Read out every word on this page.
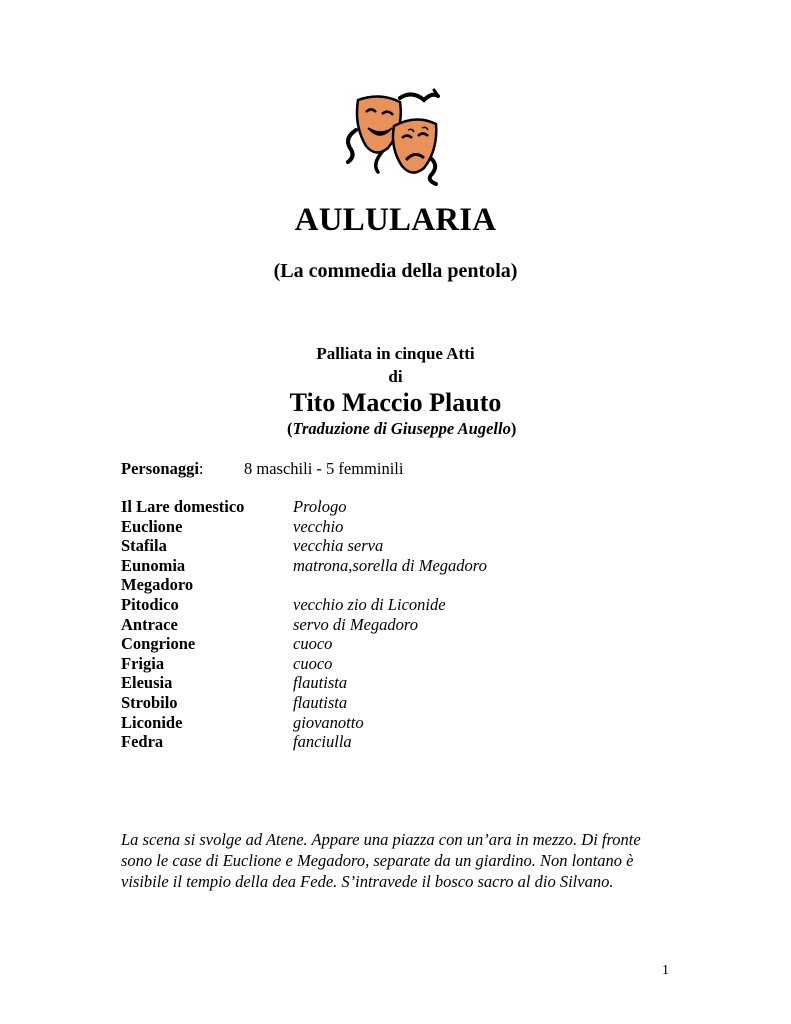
AULULARIA
(La commedia della pentola)
Palliata in cinque Atti
di
Tito Maccio Plauto
(Traduzione di Giuseppe Augello)
Personaggi: 8 maschili - 5 femminili
Il Lare domestico	Prologo
Euclione	vecchio
Stafila	vecchia serva
Eunomia	matrona,sorella di Megadoro
Megadoro
Pitodico	vecchio zio di Liconide
Antrace	servo di Megadoro
Congrione	cuoco
Frigia	cuoco
Eleusia	flautista
Strobilo	flautista
Liconide	giovanotto
Fedra	fanciulla
La scena si svolge ad Atene. Appare una piazza con un’ara in mezzo. Di fronte
sono le case di Euclione e Megadoro, separate da un giardino. Non lontano è
visibile il tempio della dea Fede. S’intravede il bosco sacro al dio Silvano.
1
